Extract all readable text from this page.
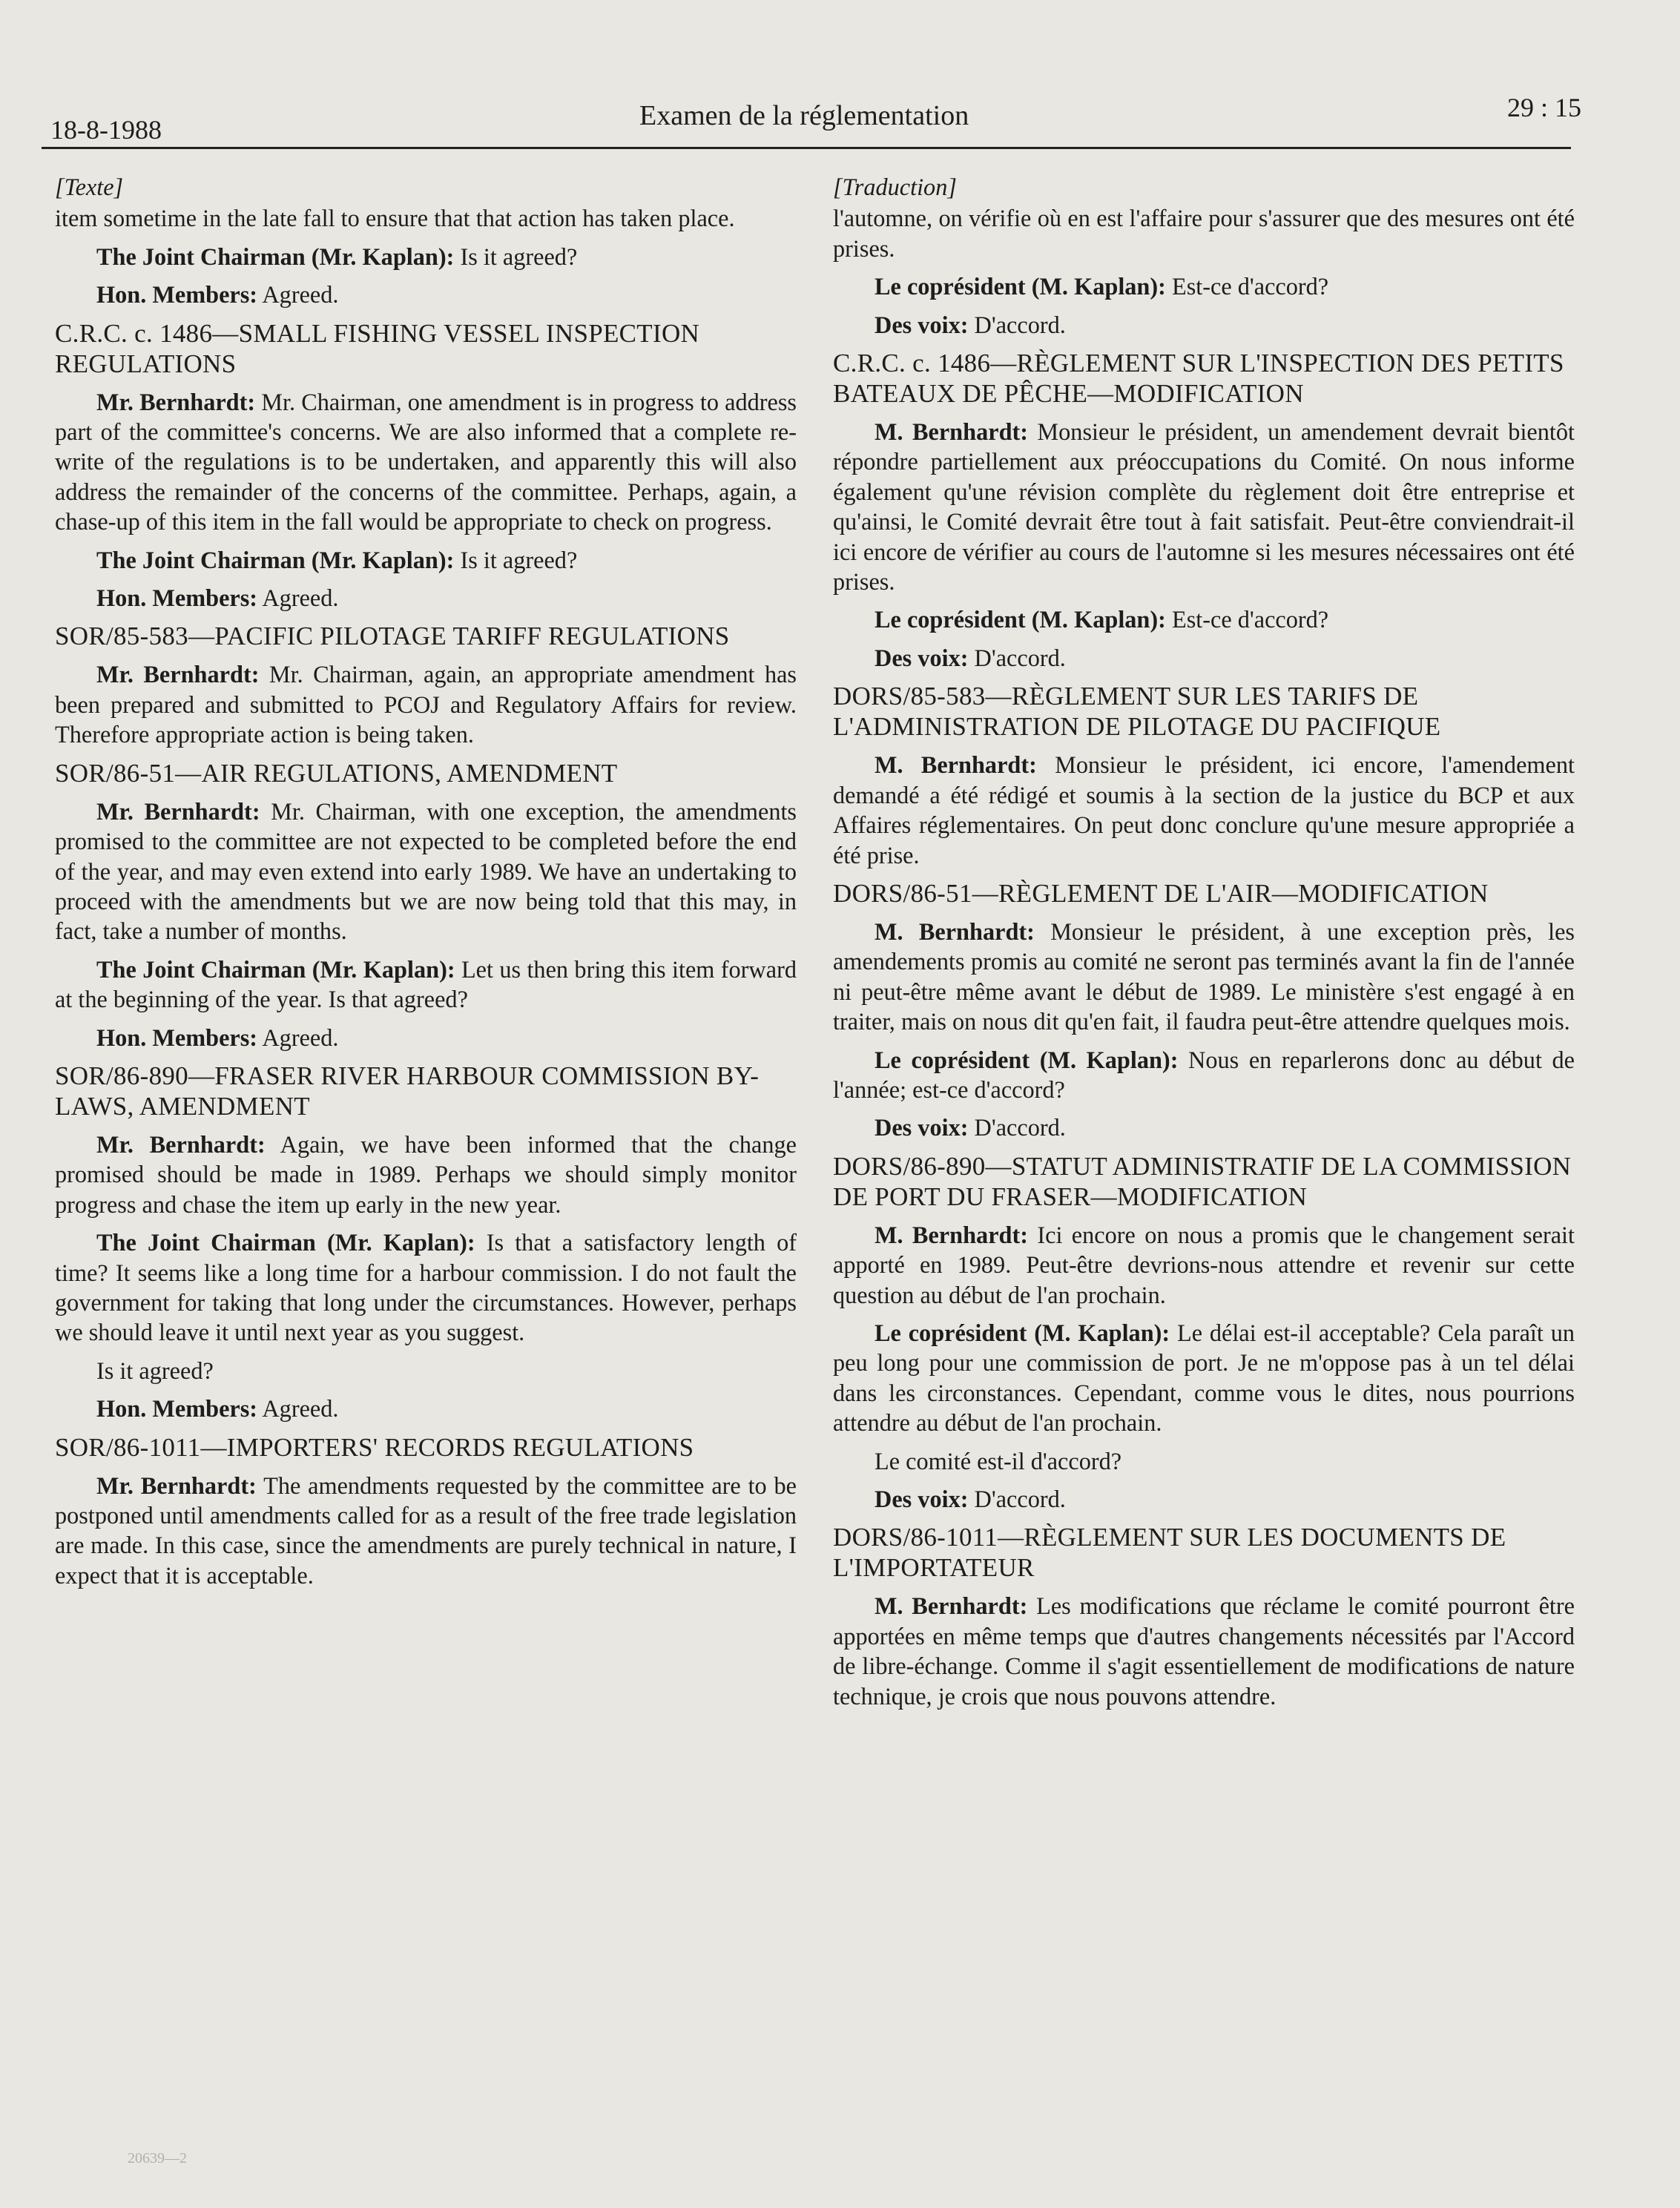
18-8-1988	Examen de la réglementation	29 : 15
[Texte]

item sometime in the late fall to ensure that that action has taken place.

The Joint Chairman (Mr. Kaplan): Is it agreed?

Hon. Members: Agreed.

C.R.C. c. 1486—SMALL FISHING VESSEL INSPECTION REGULATIONS

Mr. Bernhardt: Mr. Chairman, one amendment is in progress to address part of the committee's concerns. We are also informed that a complete re-write of the regulations is to be undertaken, and apparently this will also address the remainder of the concerns of the committee. Perhaps, again, a chase-up of this item in the fall would be appropriate to check on progress.

The Joint Chairman (Mr. Kaplan): Is it agreed?

Hon. Members: Agreed.

SOR/85-583—PACIFIC PILOTAGE TARIFF REGULATIONS

Mr. Bernhardt: Mr. Chairman, again, an appropriate amendment has been prepared and submitted to PCOJ and Regulatory Affairs for review. Therefore appropriate action is being taken.

SOR/86-51—AIR REGULATIONS, AMENDMENT

Mr. Bernhardt: Mr. Chairman, with one exception, the amendments promised to the committee are not expected to be completed before the end of the year, and may even extend into early 1989. We have an undertaking to proceed with the amendments but we are now being told that this may, in fact, take a number of months.

The Joint Chairman (Mr. Kaplan): Let us then bring this item forward at the beginning of the year. Is that agreed?

Hon. Members: Agreed.

SOR/86-890—FRASER RIVER HARBOUR COMMISSION BY-LAWS, AMENDMENT

Mr. Bernhardt: Again, we have been informed that the change promised should be made in 1989. Perhaps we should simply monitor progress and chase the item up early in the new year.

The Joint Chairman (Mr. Kaplan): Is that a satisfactory length of time? It seems like a long time for a harbour commission. I do not fault the government for taking that long under the circumstances. However, perhaps we should leave it until next year as you suggest.

Is it agreed?

Hon. Members: Agreed.

SOR/86-1011—IMPORTERS' RECORDS REGULATIONS

Mr. Bernhardt: The amendments requested by the committee are to be postponed until amendments called for as a result of the free trade legislation are made. In this case, since the amendments are purely technical in nature, I expect that it is acceptable.

[Traduction]

l'automne, on vérifie où en est l'affaire pour s'assurer que des mesures ont été prises.

Le coprésident (M. Kaplan): Est-ce d'accord?

Des voix: D'accord.

C.R.C. c. 1486—RÈGLEMENT SUR L'INSPECTION DES PETITS BATEAUX DE PÊCHE—MODIFICATION

M. Bernhardt: Monsieur le président, un amendement devrait bientôt répondre partiellement aux préoccupations du Comité. On nous informe également qu'une révision complète du règlement doit être entreprise et qu'ainsi, le Comité devrait être tout à fait satisfait. Peut-être conviendrait-il ici encore de vérifier au cours de l'automne si les mesures nécessaires ont été prises.

Le coprésident (M. Kaplan): Est-ce d'accord?

Des voix: D'accord.

DORS/85-583—RÈGLEMENT SUR LES TARIFS DE L'ADMINISTRATION DE PILOTAGE DU PACIFIQUE

M. Bernhardt: Monsieur le président, ici encore, l'amendement demandé a été rédigé et soumis à la section de la justice du BCP et aux Affaires réglementaires. On peut donc conclure qu'une mesure appropriée a été prise.

DORS/86-51—RÈGLEMENT DE L'AIR—MODIFICATION

M. Bernhardt: Monsieur le président, à une exception près, les amendements promis au comité ne seront pas terminés avant la fin de l'année ni peut-être même avant le début de 1989. Le ministère s'est engagé à en traiter, mais on nous dit qu'en fait, il faudra peut-être attendre quelques mois.

Le coprésident (M. Kaplan): Nous en reparlerons donc au début de l'année; est-ce d'accord?

Des voix: D'accord.

DORS/86-890—STATUT ADMINISTRATIF DE LA COMMISSION DE PORT DU FRASER—MODIFICATION

M. Bernhardt: Ici encore on nous a promis que le changement serait apporté en 1989. Peut-être devrions-nous attendre et revenir sur cette question au début de l'an prochain.

Le coprésident (M. Kaplan): Le délai est-il acceptable? Cela paraît un peu long pour une commission de port. Je ne m'oppose pas à un tel délai dans les circonstances. Cependant, comme vous le dites, nous pourrions attendre au début de l'an prochain.

Le comité est-il d'accord?

Des voix: D'accord.

DORS/86-1011—RÈGLEMENT SUR LES DOCUMENTS DE L'IMPORTATEUR

M. Bernhardt: Les modifications que réclame le comité pourront être apportées en même temps que d'autres changements nécessités par l'Accord de libre-échange. Comme il s'agit essentiellement de modifications de nature technique, je crois que nous pouvons attendre.

20639—2
